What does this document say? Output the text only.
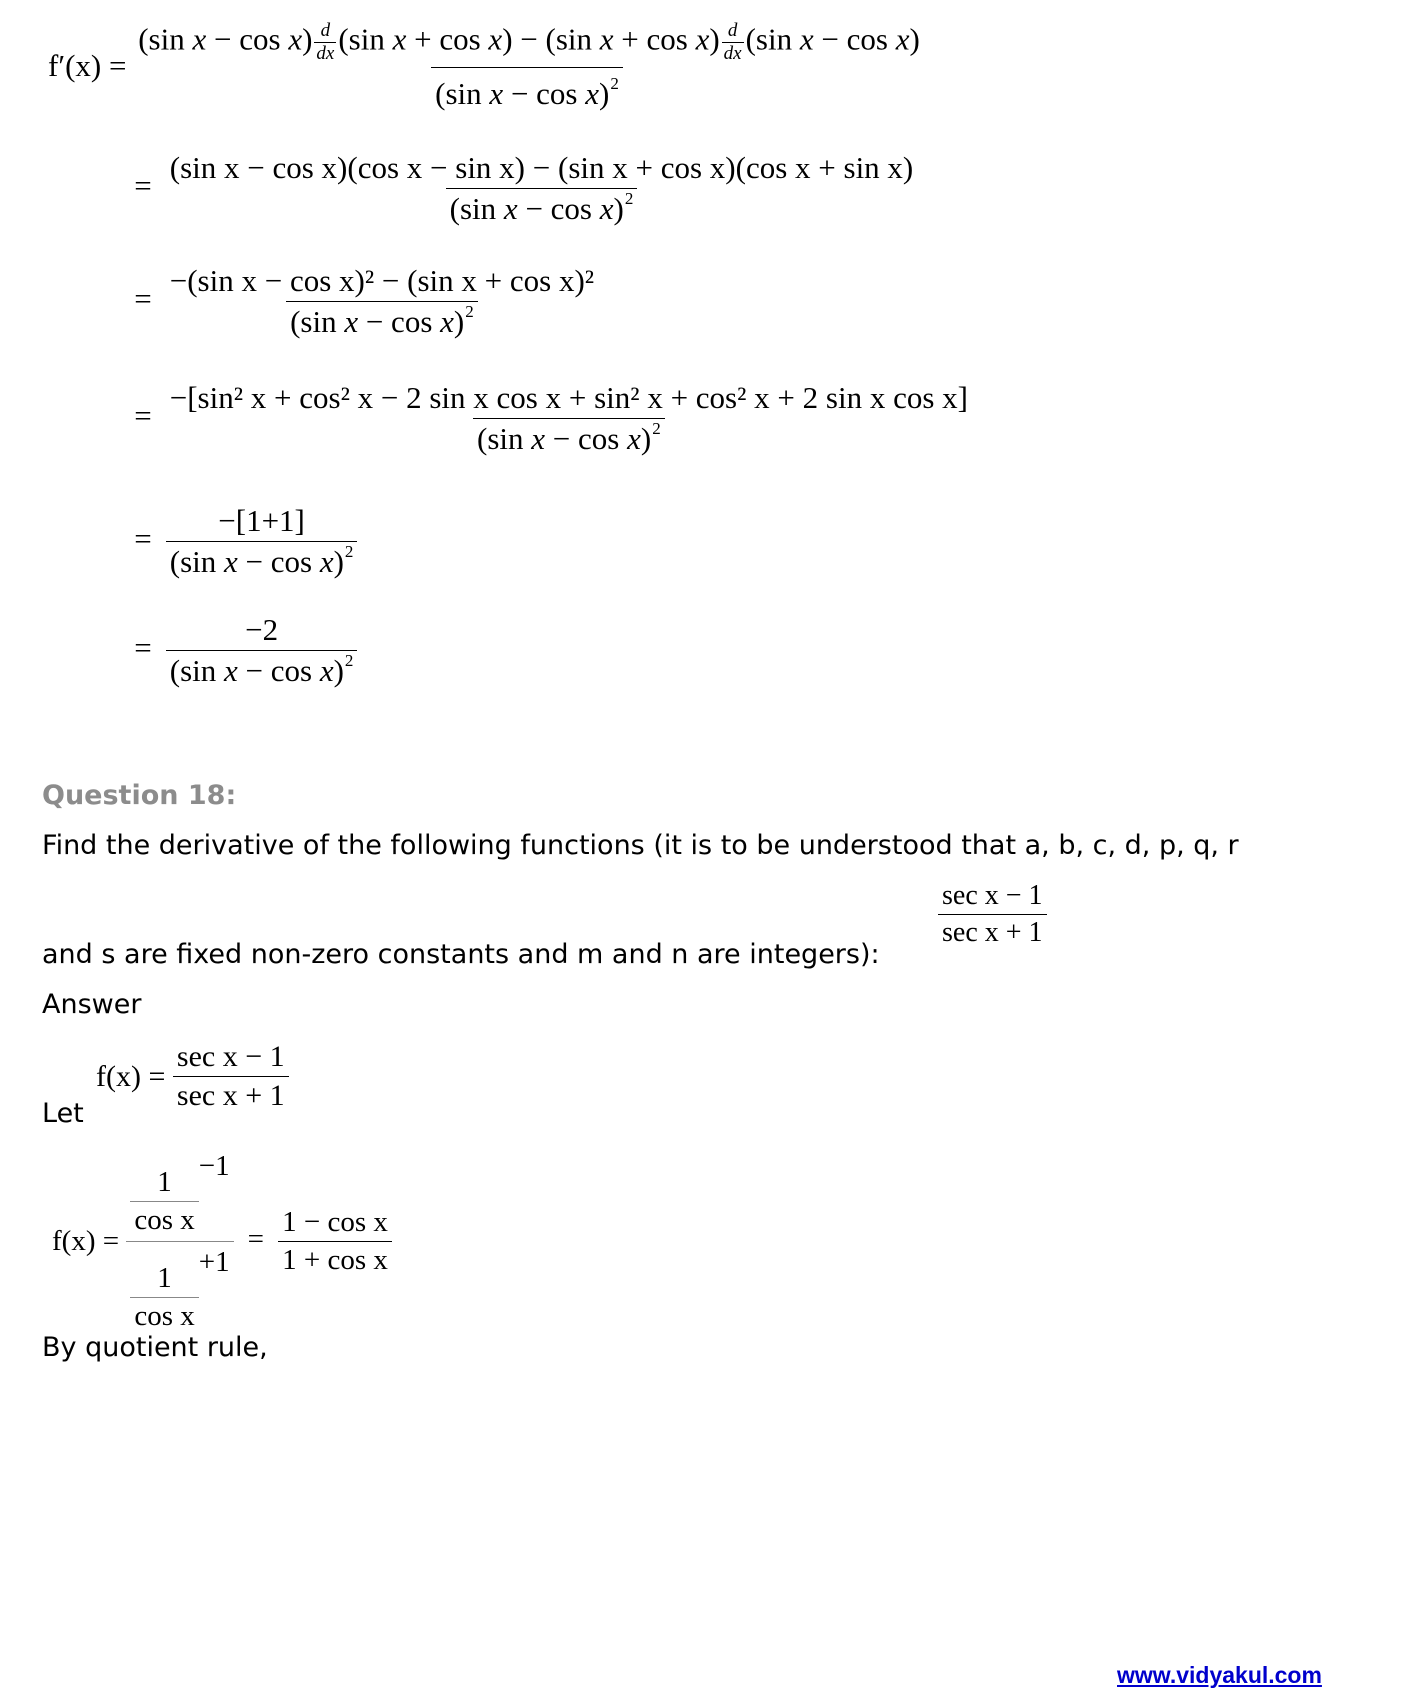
f′(x) =
(sin $x - \cos x) \frac{d}{dx} (\sin$ x + cos x) − (sin $x + \cos x) \frac{d}{dx} (\sin$ x − cos x)
(sin x − cos x)$^2$
=
(sin x − cos x)(cos x − sin x) − (sin x + cos x)(cos x + sin x)
(sin x − cos x)$^2$
= $\frac{\text{−(sin x − cos x)² − (sin x + cos x)²}}{(\sin x - \cos x)^2}$
=
−[sin² x + cos² x − 2 sin x cos x + sin² x + cos² x + 2 sin x cos x]
(sin x − cos x)$^2$
= $\frac{-[1+1]}{(\sin x - \cos x)^2}$
= $\frac{-2}{(\sin x - \cos x)^2}$
Question 18:
Find the derivative of the following functions (it is to be understood that a, b, c, d, p, q, r
and s are fixed non-zero constants and m and n are integers):
$\frac{\text{sec x − 1}}{\text{sec x + 1}}$
Answer
Let
$f(x) = \frac{\text{sec x − 1}}{\text{sec x + 1}}$
$f(x) = \frac{\frac{1}{\text{cos x}} -1}{\frac{1}{\text{cos x}} +1} = \frac{\text{1 − cos x}}{\text{1 + cos x}}$
By quotient rule,
www.vidyakul.com
